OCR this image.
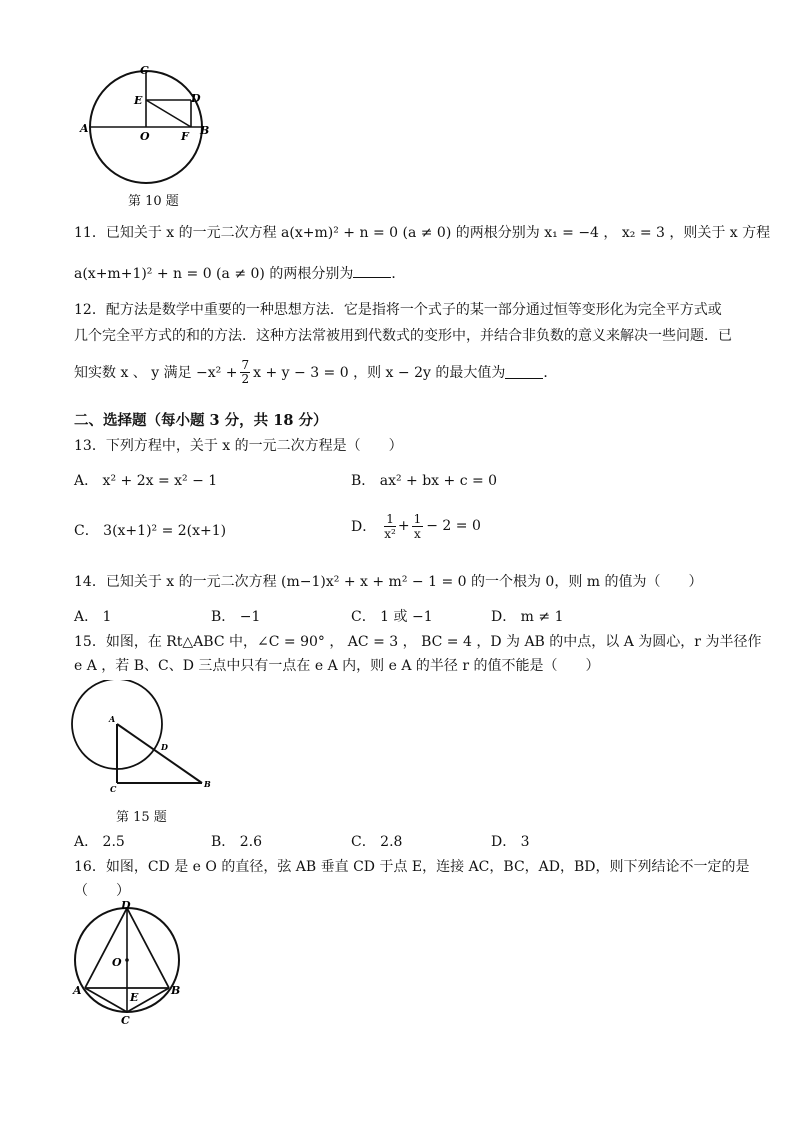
C
E	D
A
O	F B
第 10 题
11．已知关于 x 的一元二次方程 a(x+m)² + n = 0 (a ≠ 0) 的两根分别为 x₁ = −4 ， x₂ = 3 ，则关于 x 方程
a(x+m+1)² + n = 0 (a ≠ 0) 的两根分别为	．
12．配方法是数学中重要的一种思想方法．它是指将一个式子的某一部分通过恒等变形化为完全平方式或
几个完全平方式的和的方法．这种方法常被用到代数式的变形中，并结合非负数的意义来解决一些问题．已
知实数 x 、 y 满足 $-x^2 + \frac{7}{2}$ x + y − 3 = 0 ，则 x − 2y 的最大值为	．
二、选择题（每小题 3 分，共 18 分）
13．下列方程中，关于 x 的一元二次方程是（　　）
A． x² + 2x = x² − 1	B． ax² + bx + c = 0
C． 3(x+1)² = 2(x+1)	D． $\frac{1}{\text{x²}} + \frac{1}{x} - 2 = 0$
14．已知关于 x 的一元二次方程 (m−1)x² + x + m² − 1 = 0 的一个根为 0，则 m 的值为（　　）
A． 1	B． −1	C． 1 或 −1	D． m ≠ 1
15．如图，在 Rt△ABC 中，∠C = 90° ， AC = 3 ， BC = 4 ，D 为 AB 的中点，以 A 为圆心，r 为半径作
e A ，若 B、C、D 三点中只有一点在 e A 内，则 e A 的半径 r 的值不能是（　　）
A
D
C	B
第 15 题
A． 2.5	B． 2.6	C． 2.8	D． 3
16．如图，CD 是 e O 的直径，弦 AB 垂直 CD 于点 E，连接 AC，BC，AD，BD，则下列结论不一定的是
（　　）
D
O
A	B
E
C
